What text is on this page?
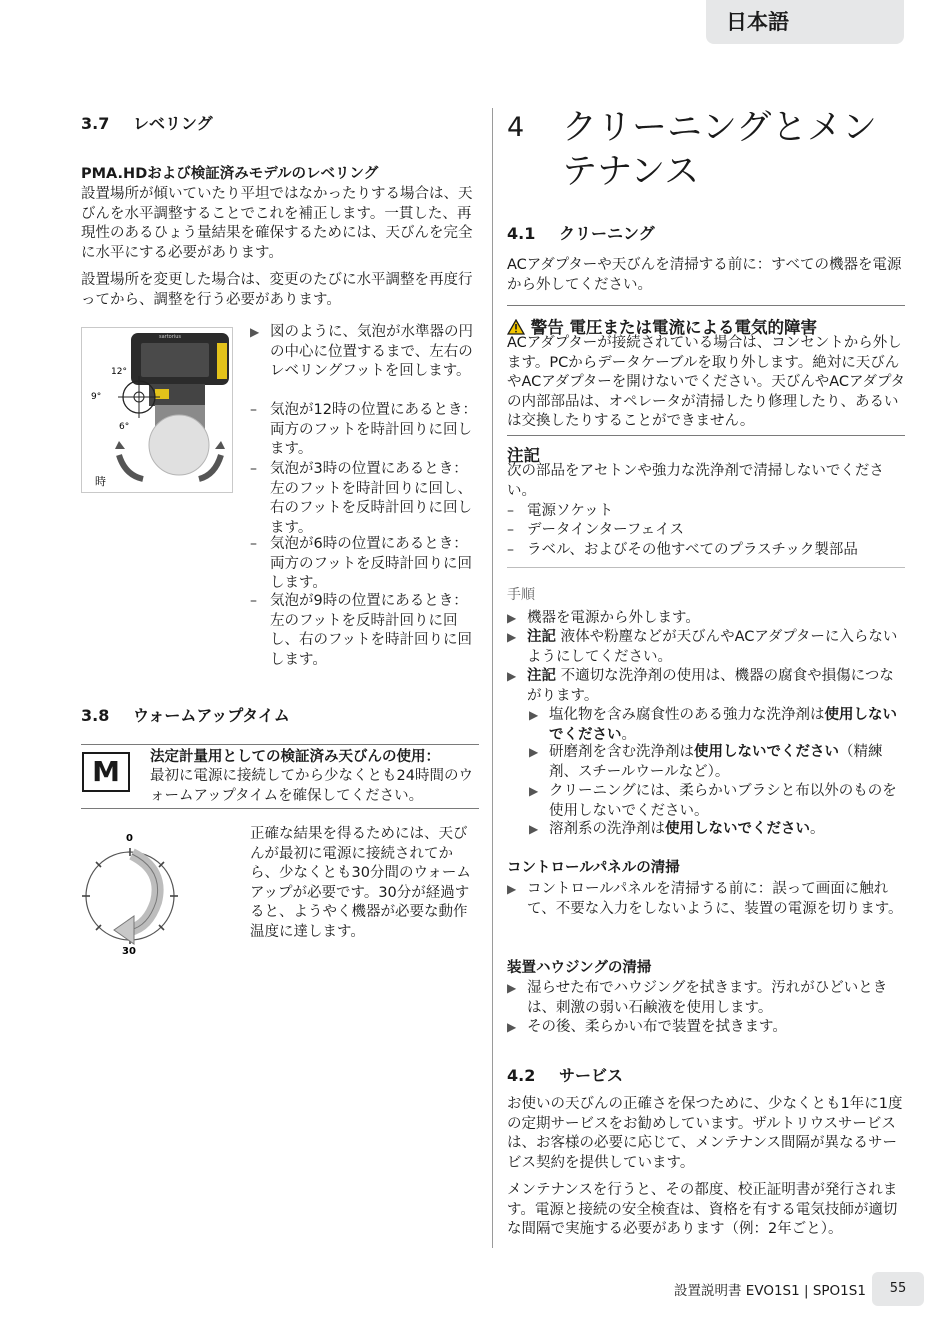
日本語
3.7 レベリング
PMA.HDおよび検証済みモデルのレベリング

設置場所が傾いていたり平坦ではなかったりする場合は、天びんを水平調整することでこれを補正します。一貫した、再現性のあるひょう量結果を確保するためには、天びんを完全に水平にする必要があります。

設置場所を変更した場合は、変更のたびに水平調整を再度行ってから、調整を行う必要があります。

sartorius
12°
9°
6°
時
▶ 図のように、気泡が水準器の円の中心に位置するまで、左右のレベリングフットを回します。
– 気泡が12時の位置にあるとき：両方のフットを時計回りに回します。
– 気泡が3時の位置にあるとき：左のフットを時計回りに回し、右のフットを反時計回りに回します。
– 気泡が6時の位置にあるとき：両方のフットを反時計回りに回します。
– 気泡が9時の位置にあるとき：左のフットを反時計回りに回し、右のフットを時計回りに回します。
3.8 ウォームアップタイム
M	法定計量用としての検証済み天びんの使用：
最初に電源に接続してから少なくとも24時間のウォームアップタイムを確保してください。
0
30

正確な結果を得るためには、天びんが最初に電源に接続されてから、少なくとも30分間のウォームアップが必要です。30分が経過すると、ようやく機器が必要な動作温度に達します。

4 クリーニングとメンテナンス
4.1 クリーニング

ACアダプターや天びんを清掃する前に：すべての機器を電源から外してください。

警告 電圧または電流による電気的障害

ACアダプターが接続されている場合は、コンセントから外します。PCからデータケーブルを取り外します。絶対に天びんやACアダプターを開けないでください。天びんやACアダプタの内部部品は、オペレータが清掃したり修理したり、あるいは交換したりすることができません。

注記

次の部品をアセトンや強力な洗浄剤で清掃しないでください。

– 電源ソケット
– データインターフェイス
– ラベル、およびその他すべてのプラスチック製部品
手順
▶ 機器を電源から外します。
▶ 注記 液体や粉塵などが天びんやACアダプターに入らないようにしてください。
▶ 注記 不適切な洗浄剤の使用は、機器の腐食や損傷につながります。
▶ 塩化物を含み腐食性のある強力な洗浄剤は使用しないでください。
▶ 研磨剤を含む洗浄剤は使用しないでください（精練剤、スチールウールなど）。
▶ クリーニングには、柔らかいブラシと布以外のものを使用しないでください。
▶ 溶剤系の洗浄剤は使用しないでください。
コントロールパネルの清掃
▶ コントロールパネルを清掃する前に：誤って画面に触れて、不要な入力をしないように、装置の電源を切ります。
装置ハウジングの清掃
▶ 湿らせた布でハウジングを拭きます。汚れがひどいときは、刺激の弱い石鹸液を使用します。
▶ その後、柔らかい布で装置を拭きます。
4.2 サービス

お使いの天びんの正確さを保つために、少なくとも1年に1度の定期サービスをお勧めしています。ザルトリウスサービスは、お客様の必要に応じて、メンテナンス間隔が異なるサービス契約を提供しています。

メンテナンスを行うと、その都度、校正証明書が発行されます。電源と接続の安全検査は、資格を有する電気技師が適切な間隔で実施する必要があります（例：2年ごと）。

設置説明書 EVO1S1 | SPO1S1	55
